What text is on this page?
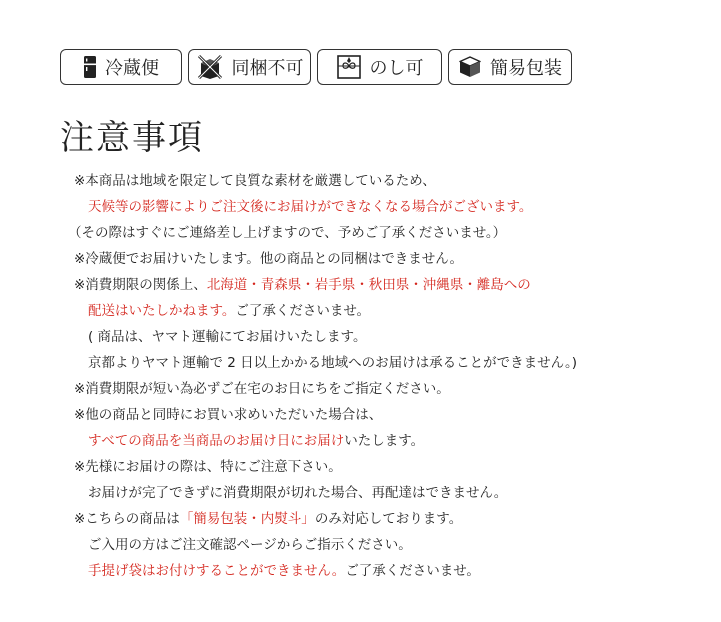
冷蔵便	同梱不可	のし可	簡易包装
注意事項
※本商品は地域を限定して良質な素材を厳選しているため、
天候等の影響によりご注文後にお届けができなくなる場合がございます。
（その際はすぐにご連絡差し上げますので、予めご了承くださいませ。）
※冷蔵便でお届けいたします。他の商品との同梱はできません。
※消費期限の関係上、北海道・青森県・岩手県・秋田県・沖縄県・離島への
配送はいたしかねます。ご了承くださいませ。
( 商品は、ヤマト運輸にてお届けいたします。
京都よりヤマト運輸で 2 日以上かかる地域へのお届けは承ることができません。)
※消費期限が短い為必ずご在宅のお日にちをご指定ください。
※他の商品と同時にお買い求めいただいた場合は、
すべての商品を当商品のお届け日にお届けいたします。
※先様にお届けの際は、特にご注意下さい。
お届けが完了できずに消費期限が切れた場合、再配達はできません。
※こちらの商品は「簡易包装・内熨斗」のみ対応しております。
ご入用の方はご注文確認ページからご指示ください。
手提げ袋はお付けすることができません。ご了承くださいませ。
